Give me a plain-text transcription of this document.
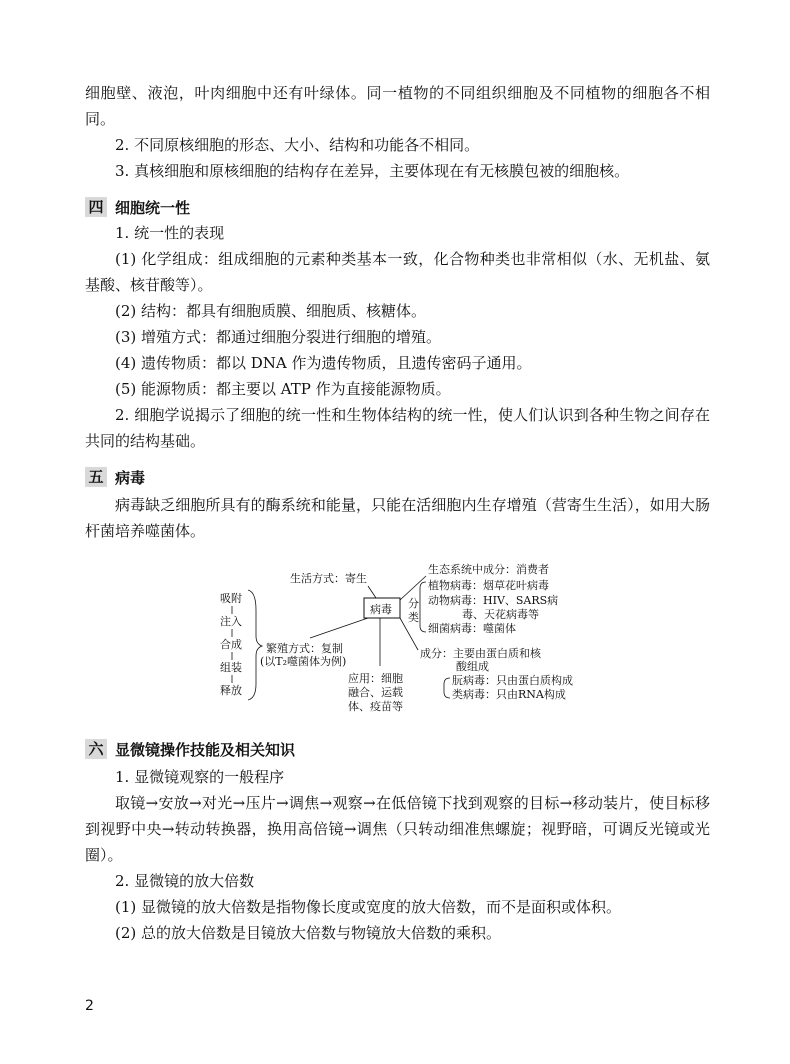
细胞壁、液泡，叶肉细胞中还有叶绿体。同一植物的不同组织细胞及不同植物的细胞各不相同。

2. 不同原核细胞的形态、大小、结构和功能各不相同。

3. 真核细胞和原核细胞的结构存在差异，主要体现在有无核膜包被的细胞核。

四 细胞统一性

1. 统一性的表现

(1) 化学组成：组成细胞的元素种类基本一致，化合物种类也非常相似（水、无机盐、氨基酸、核苷酸等）。

(2) 结构：都具有细胞质膜、细胞质、核糖体。

(3) 增殖方式：都通过细胞分裂进行细胞的增殖。

(4) 遗传物质：都以 DNA 作为遗传物质，且遗传密码子通用。

(5) 能源物质：都主要以 ATP 作为直接能源物质。

2. 细胞学说揭示了细胞的统一性和生物体结构的统一性，使人们认识到各种生物之间存在共同的结构基础。

五 病毒

病毒缺乏细胞所具有的酶系统和能量，只能在活细胞内生存增殖（营寄生生活），如用大肠杆菌培养噬菌体。

病毒
生活方式：寄生
生态系统中成分：消费者
分
类
植物病毒：烟草花叶病毒
动物病毒：HIV、SARS病
毒、天花病毒等
细菌病毒：噬菌体
成分：主要由蛋白质和核
酸组成
朊病毒：只由蛋白质构成
类病毒：只由RNA构成
应用：细胞
融合、运载
体、疫苗等
繁殖方式：复制
(以T₂噬菌体为例)
吸附
注入
合成
组装
释放
六 显微镜操作技能及相关知识

1. 显微镜观察的一般程序

取镜→安放→对光→压片→调焦→观察→在低倍镜下找到观察的目标→移动装片，使目标移到视野中央→转动转换器，换用高倍镜→调焦（只转动细准焦螺旋；视野暗，可调反光镜或光圈）。

2. 显微镜的放大倍数

(1) 显微镜的放大倍数是指物像长度或宽度的放大倍数，而不是面积或体积。

(2) 总的放大倍数是目镜放大倍数与物镜放大倍数的乘积。

2
